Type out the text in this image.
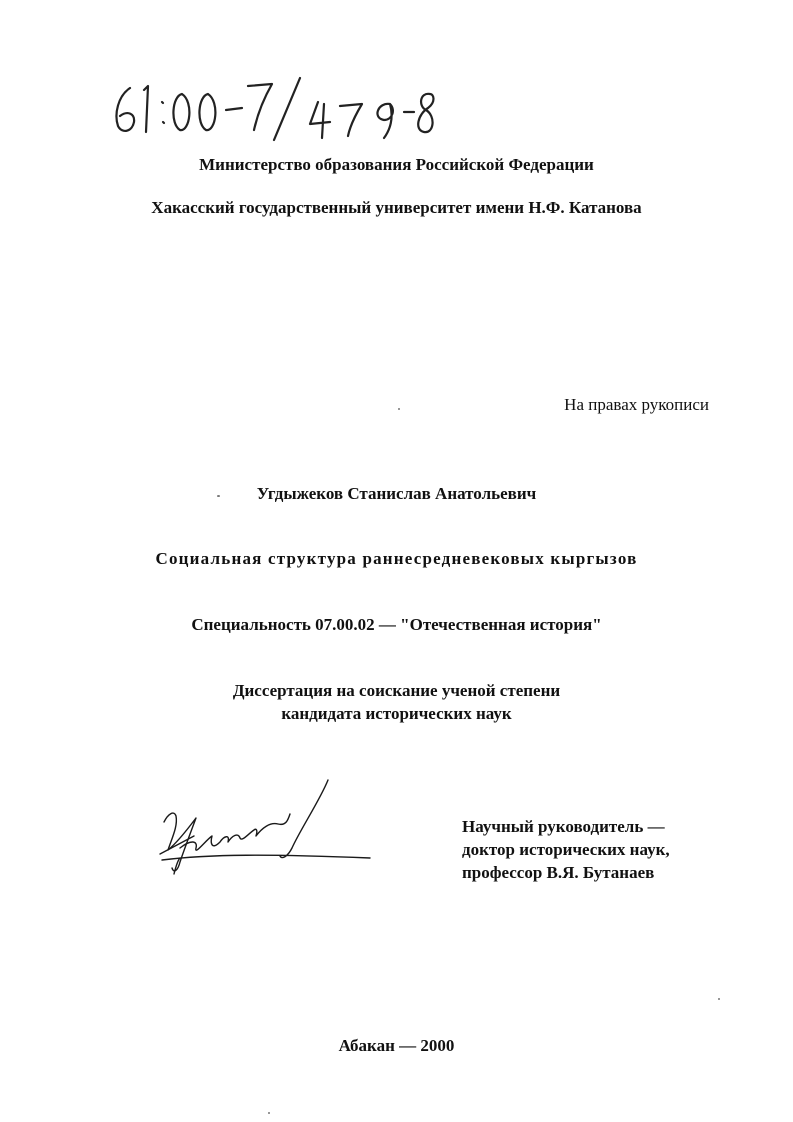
Министерство образования Российской Федерации
Хакасский государственный университет имени Н.Ф. Катанова
На правах рукописи
Угдыжеков Станислав Анатольевич
Социальная структура раннесредневековых кыргызов
Специальность 07.00.02 — "Отечественная история"
Диссертация на соискание ученой степени
кандидата исторических наук
Научный руководитель —
доктор исторических наук,
профессор В.Я. Бутанаев
Абакан — 2000
